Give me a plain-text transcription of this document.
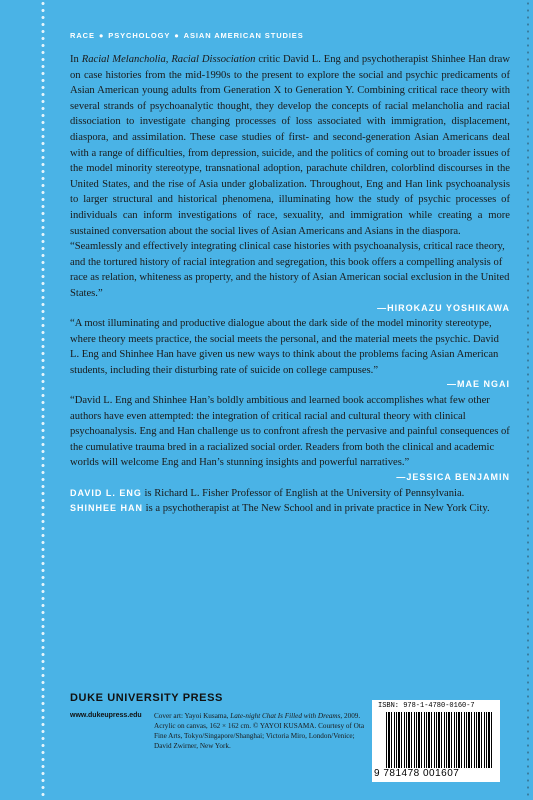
RACE ● PSYCHOLOGY ● ASIAN AMERICAN STUDIES

In Racial Melancholia, Racial Dissociation critic David L. Eng and psychotherapist Shinhee Han draw on case histories from the mid-1990s to the present to explore the social and psychic predicaments of Asian American young adults from Generation X to Generation Y. Combining critical race theory with several strands of psychoanalytic thought, they develop the concepts of racial melancholia and racial dissociation to investigate changing processes of loss associated with immigration, displacement, diaspora, and assimilation. These case studies of first- and second-generation Asian Americans deal with a range of difficulties, from depression, suicide, and the politics of coming out to broader issues of the model minority stereotype, transnational adoption, parachute children, colorblind discourses in the United States, and the rise of Asia under globalization. Throughout, Eng and Han link psychoanalysis to larger structural and historical phenomena, illuminating how the study of psychic processes of individuals can inform investigations of race, sexuality, and immigration while creating a more sustained conversation about the social lives of Asian Americans and Asians in the diaspora.

“Seamlessly and effectively integrating clinical case histories with psychoanalysis, critical race theory, and the tortured history of racial integration and segregation, this book offers a compelling analysis of race as relation, whiteness as property, and the history of Asian American social exclusion in the United States.”

—HIROKAZU YOSHIKAWA

“A most illuminating and productive dialogue about the dark side of the model minority stereotype, where theory meets practice, the social meets the personal, and the material meets the psychic. David L. Eng and Shinhee Han have given us new ways to think about the problems facing Asian American students, including their disturbing rate of suicide on college campuses.”

—MAE NGAI

“David L. Eng and Shinhee Han’s boldly ambitious and learned book accomplishes what few other authors have even attempted: the integration of critical racial and cultural theory with clinical psychoanalysis. Eng and Han challenge us to confront afresh the pervasive and painful consequences of the cumulative trauma bred in a racialized social order. Readers from both the clinical and academic worlds will welcome Eng and Han’s stunning insights and powerful narratives.”

—JESSICA BENJAMIN

DAVID L. ENG is Richard L. Fisher Professor of English at the University of Pennsylvania. SHINHEE HAN is a psychotherapist at The New School and in private practice in New York City.

DUKE UNIVERSITY PRESS
www.dukeupress.edu Cover art: Yayoi Kusama, Late-night Chat Is Filled with Dreams, 2009. Acrylic on canvas, 162 × 162 cm. © YAYOI KUSAMA. Courtesy of Ota Fine Arts, Tokyo/Singapore/Shanghai; Victoria Miro, London/Venice; David Zwirner, New York.
ISBN: 978-1-4780-0160-7
9 781478 001607
